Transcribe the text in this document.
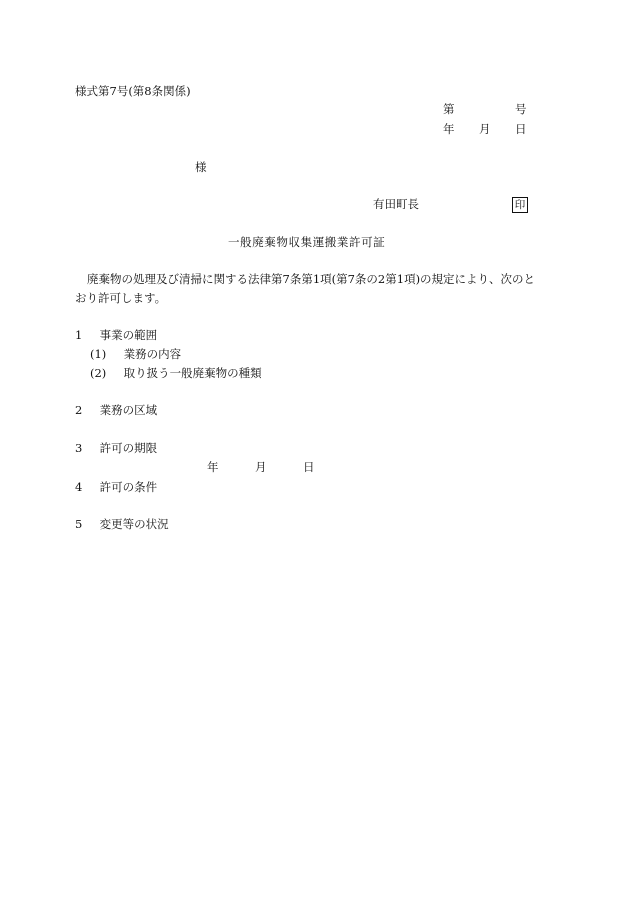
様式第7号(第8条関係)
第	号
年 月 日
様
有田町長	印
一般廃棄物収集運搬業許可証
廃棄物の処理及び清掃に関する法律第7条第1項(第7条の2第1項)の規定により、次のと
おり許可します。
1 事業の範囲
(1) 業務の内容
(2) 取り扱う一般廃棄物の種類
2 業務の区域
3 許可の期限
年	月	日
4 許可の条件
5 変更等の状況
